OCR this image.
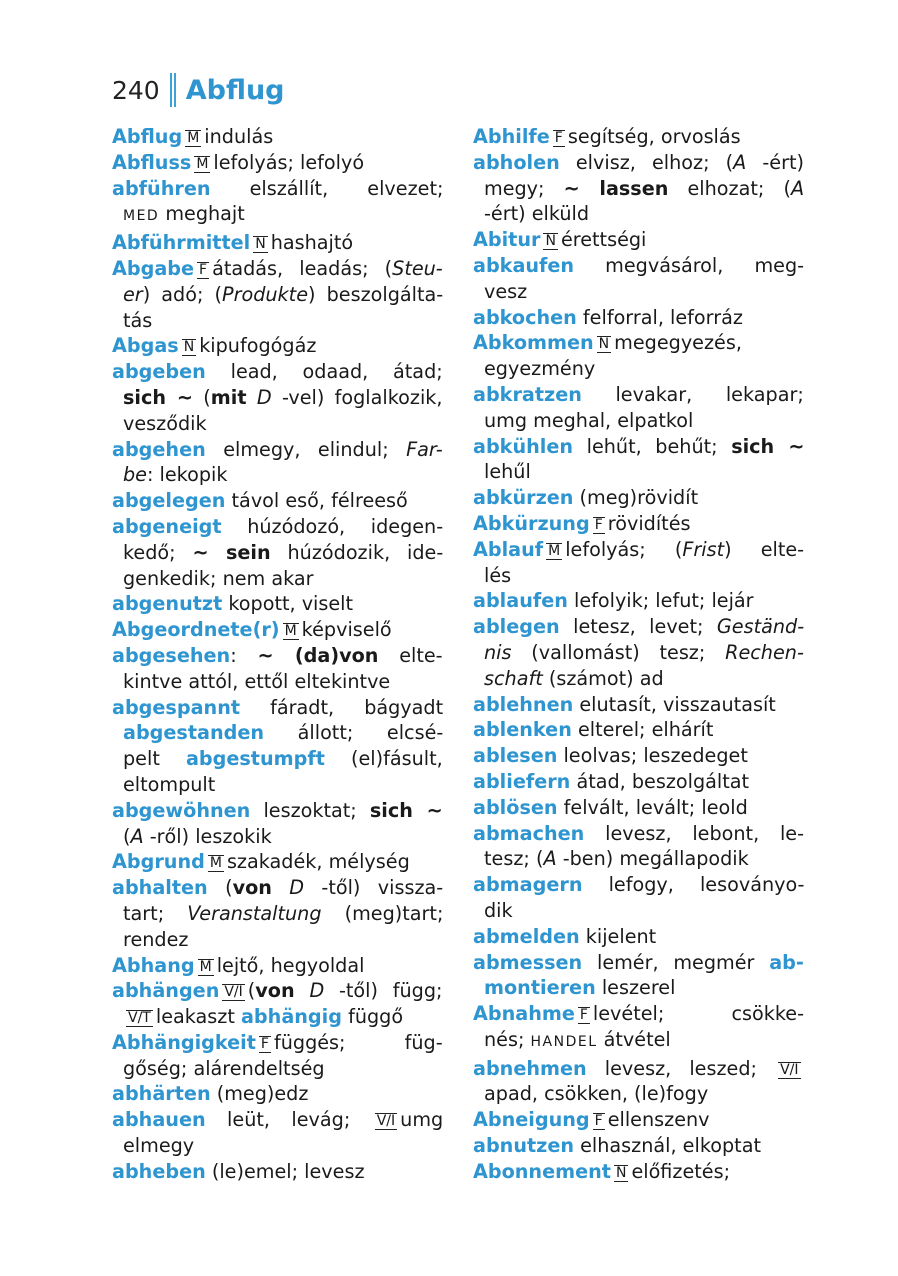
240 Abflug
Abflug M indulás
Abfluss M lefolyás; lefolyó
abführen elszállít, elvezet;
MED meghajt
Abführmittel N hashajtó
Abgabe F átadás, leadás; (Steu-
er) adó; (Produkte) beszolgálta-
tás
Abgas N kipufogógáz
abgeben lead, odaad, átad;
sich ~ (mit D -vel) foglalkozik,
vesződik
abgehen elmegy, elindul; Far-
be: lekopik
abgelegen távol eső, félreeső
abgeneigt húzódozó, idegen-
kedő; ~ sein húzódozik, ide-
genkedik; nem akar
abgenutzt kopott, viselt
Abgeordnete(r) M képviselő
abgesehen: ~ (da)von elte-
kintve attól, ettől eltekintve
abgespannt fáradt, bágyadt
abgestanden állott; elcsé-
pelt abgestumpft (el)fásult,
eltompult
abgewöhnen leszoktat; sich ~
(A -ről) leszokik
Abgrund M szakadék, mélység
abhalten (von D -től) vissza-
tart; Veranstaltung (meg)tart;
rendez
Abhang M lejtő, hegyoldal
abhängen V/I (von D -től) függ;
V/T leakaszt abhängig függő
Abhängigkeit F függés; füg-
gőség; alárendeltség
abhärten (meg)edz
abhauen leüt, levág; V/I umg
elmegy
abheben (le)emel; levesz
Abhilfe F segítség, orvoslás
abholen elvisz, elhoz; (A -ért)
megy; ~ lassen elhozat; (A
-ért) elküld
Abitur N érettségi
abkaufen megvásárol, meg-
vesz
abkochen felforral, leforráz
Abkommen N megegyezés,
egyezmény
abkratzen levakar, lekapar;
umg meghal, elpatkol
abkühlen lehűt, behűt; sich ~
lehűl
abkürzen (meg)rövidít
Abkürzung F rövidítés
Ablauf M lefolyás; (Frist) elte-
lés
ablaufen lefolyik; lefut; lejár
ablegen letesz, levet; Geständ-
nis (vallomást) tesz; Rechen-
schaft (számot) ad
ablehnen elutasít, visszautasít
ablenken elterel; elhárít
ablesen leolvas; leszedeget
abliefern átad, beszolgáltat
ablösen felvált, levált; leold
abmachen levesz, lebont, le-
tesz; (A -ben) megállapodik
abmagern lefogy, lesoványo-
dik
abmelden kijelent
abmessen lemér, megmér ab-
montieren leszerel
Abnahme F levétel; csökke-
nés; HANDEL átvétel
abnehmen levesz, leszed; V/I
apad, csökken, (le)fogy
Abneigung F ellenszenv
abnutzen elhasznál, elkoptat
Abonnement N előfizetés;
